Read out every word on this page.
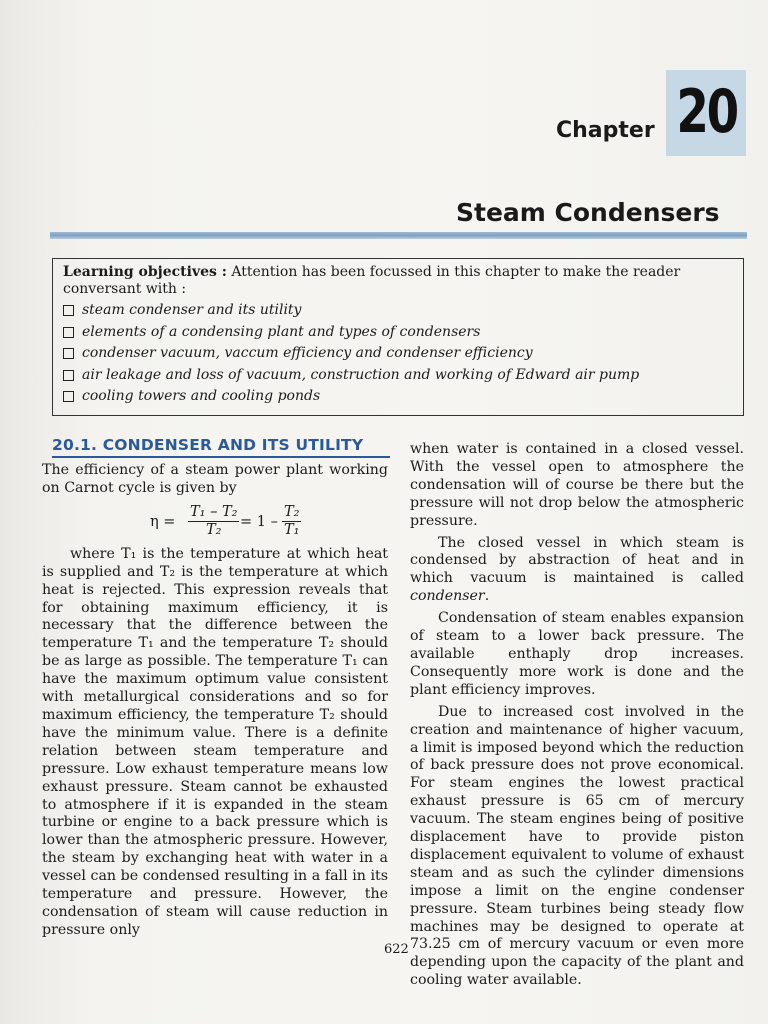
Chapter 20
Steam Condensers

Learning objectives : Attention has been focussed in this chapter to make the reader conversant with :

steam condenser and its utility
elements of a condensing plant and types of condensers
condenser vacuum, vaccum efficiency and condenser efficiency
air leakage and loss of vacuum, construction and working of Edward air pump
cooling towers and cooling ponds
20.1. CONDENSER AND ITS UTILITY

The efficiency of a steam power plant working on Carnot cycle is given by

$\eta = \frac{\text{T₁ – T₂}}{\text{T₂}} = 1 - \frac{\text{T₂}}{\text{T₁}}$

where T₁ is the temperature at which heat is supplied and T₂ is the temperature at which heat is rejected. This expression reveals that for obtaining maximum efficiency, it is necessary that the difference between the temperature T₁ and the temperature T₂ should be as large as possible. The temperature T₁ can have the maximum optimum value consistent with metallurgical considerations and so for maximum efficiency, the temperature T₂ should have the minimum value. There is a definite relation between steam temperature and pressure. Low exhaust temperature means low exhaust pressure. Steam cannot be exhausted to atmosphere if it is expanded in the steam turbine or engine to a back pressure which is lower than the atmospheric pressure. However, the steam by exchanging heat with water in a vessel can be condensed resulting in a fall in its temperature and pressure. However, the condensation of steam will cause reduction in pressure only

when water is contained in a closed vessel. With the vessel open to atmosphere the condensation will of course be there but the pressure will not drop below the atmospheric pressure.

The closed vessel in which steam is condensed by abstraction of heat and in which vacuum is maintained is called condenser.

Condensation of steam enables expansion of steam to a lower back pressure. The available enthaply drop increases. Consequently more work is done and the plant efficiency improves.

Due to increased cost involved in the creation and maintenance of higher vacuum, a limit is imposed beyond which the reduction of back pressure does not prove economical. For steam engines the lowest practical exhaust pressure is 65 cm of mercury vacuum. The steam engines being of positive displacement have to provide piston displacement equivalent to volume of exhaust steam and as such the cylinder dimensions impose a limit on the engine condenser pressure. Steam turbines being steady flow machines may be designed to operate at 73.25 cm of mercury vacuum or even more depending upon the capacity of the plant and cooling water available.

622
